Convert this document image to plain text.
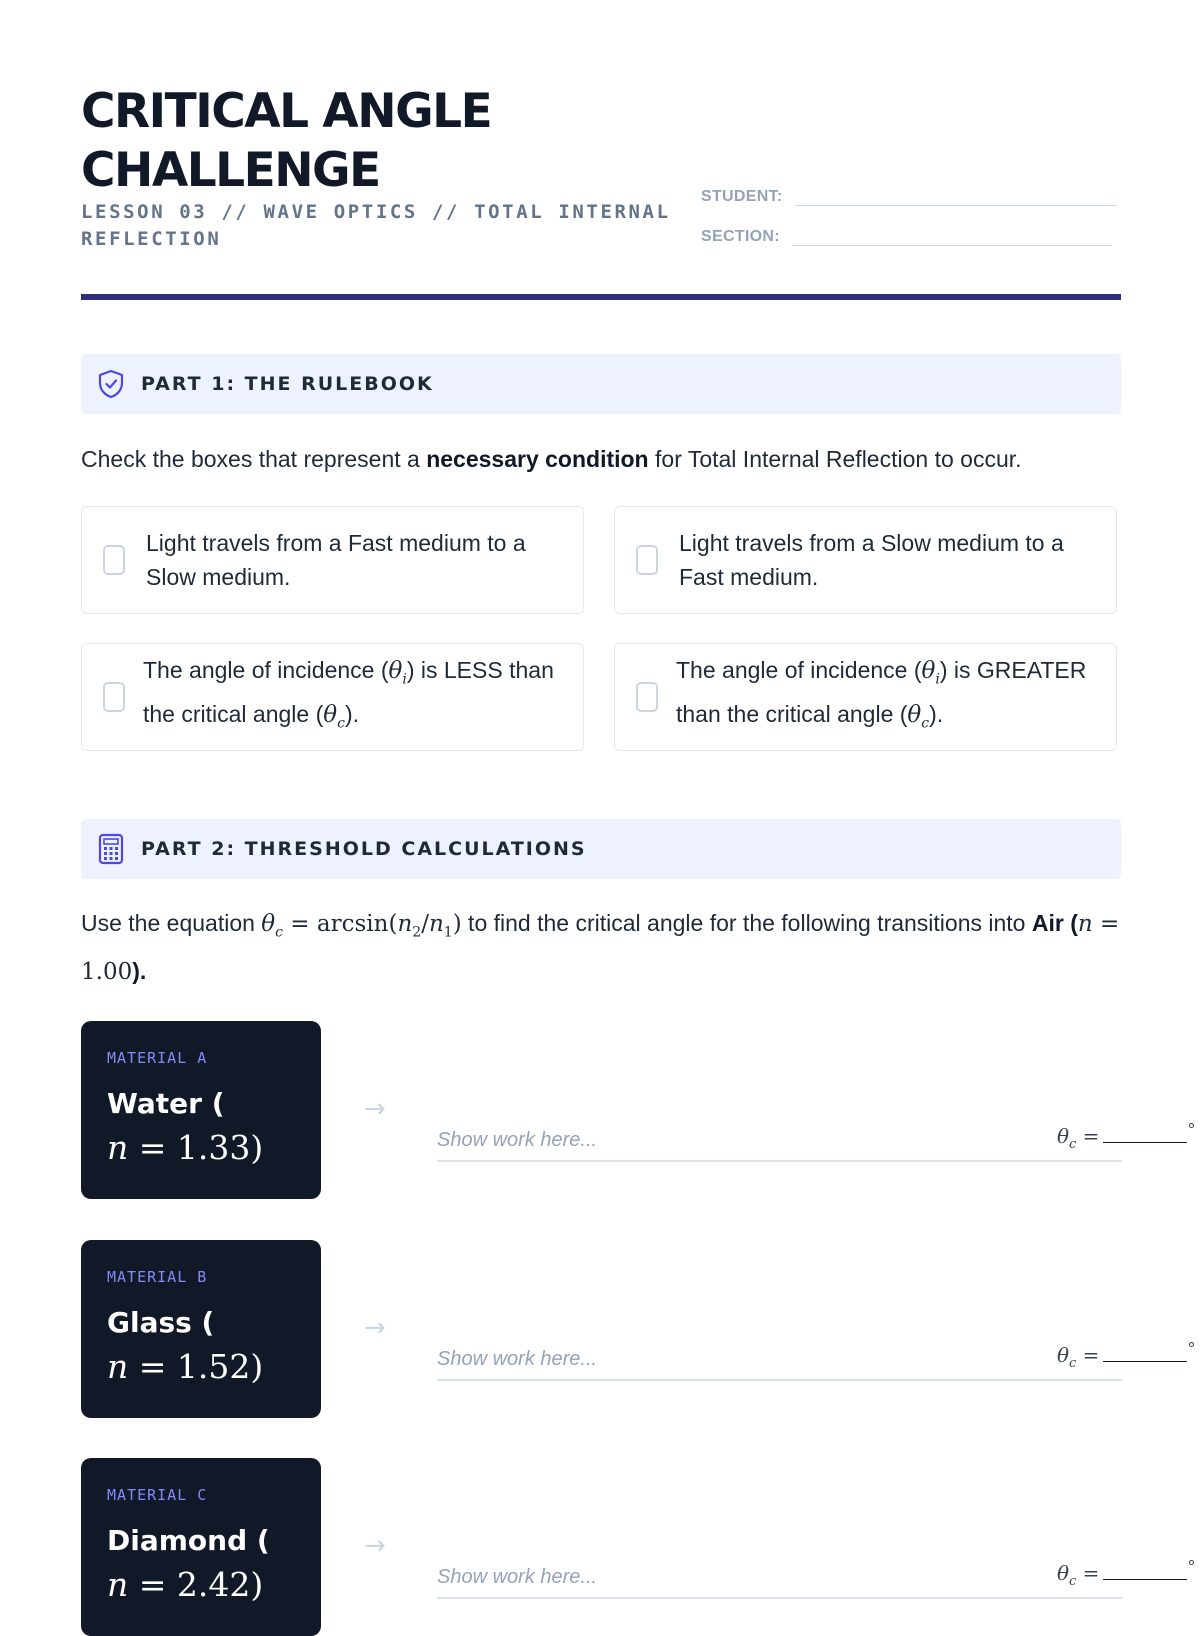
CRITICAL ANGLE CHALLENGE
LESSON 03 // WAVE OPTICS // TOTAL INTERNAL REFLECTION
STUDENT:
SECTION:
PART 1: THE RULEBOOK
Check the boxes that represent a necessary condition for Total Internal Reflection to occur.
Light travels from a Fast medium to a Slow medium.
Light travels from a Slow medium to a Fast medium.
The angle of incidence $(\theta_i)$ is LESS than the critical angle $(\theta_c)$.
The angle of incidence $(\theta_i)$ is GREATER than the critical angle $(\theta_c)$.
PART 2: THRESHOLD CALCULATIONS
Use the equation $\theta_c = \arcsin(n_2/n_1)$ to find the critical angle for the following transitions into Air (n = 1.00).
MATERIAL A
Water (
n = 1.33)
→
Show work here...	$\theta_c$ =	°
MATERIAL B
Glass (
n = 1.52)
→
Show work here...	$\theta_c$ =	°
MATERIAL C
Diamond (
n = 2.42)
→
Show work here...	$\theta_c$ =	°
